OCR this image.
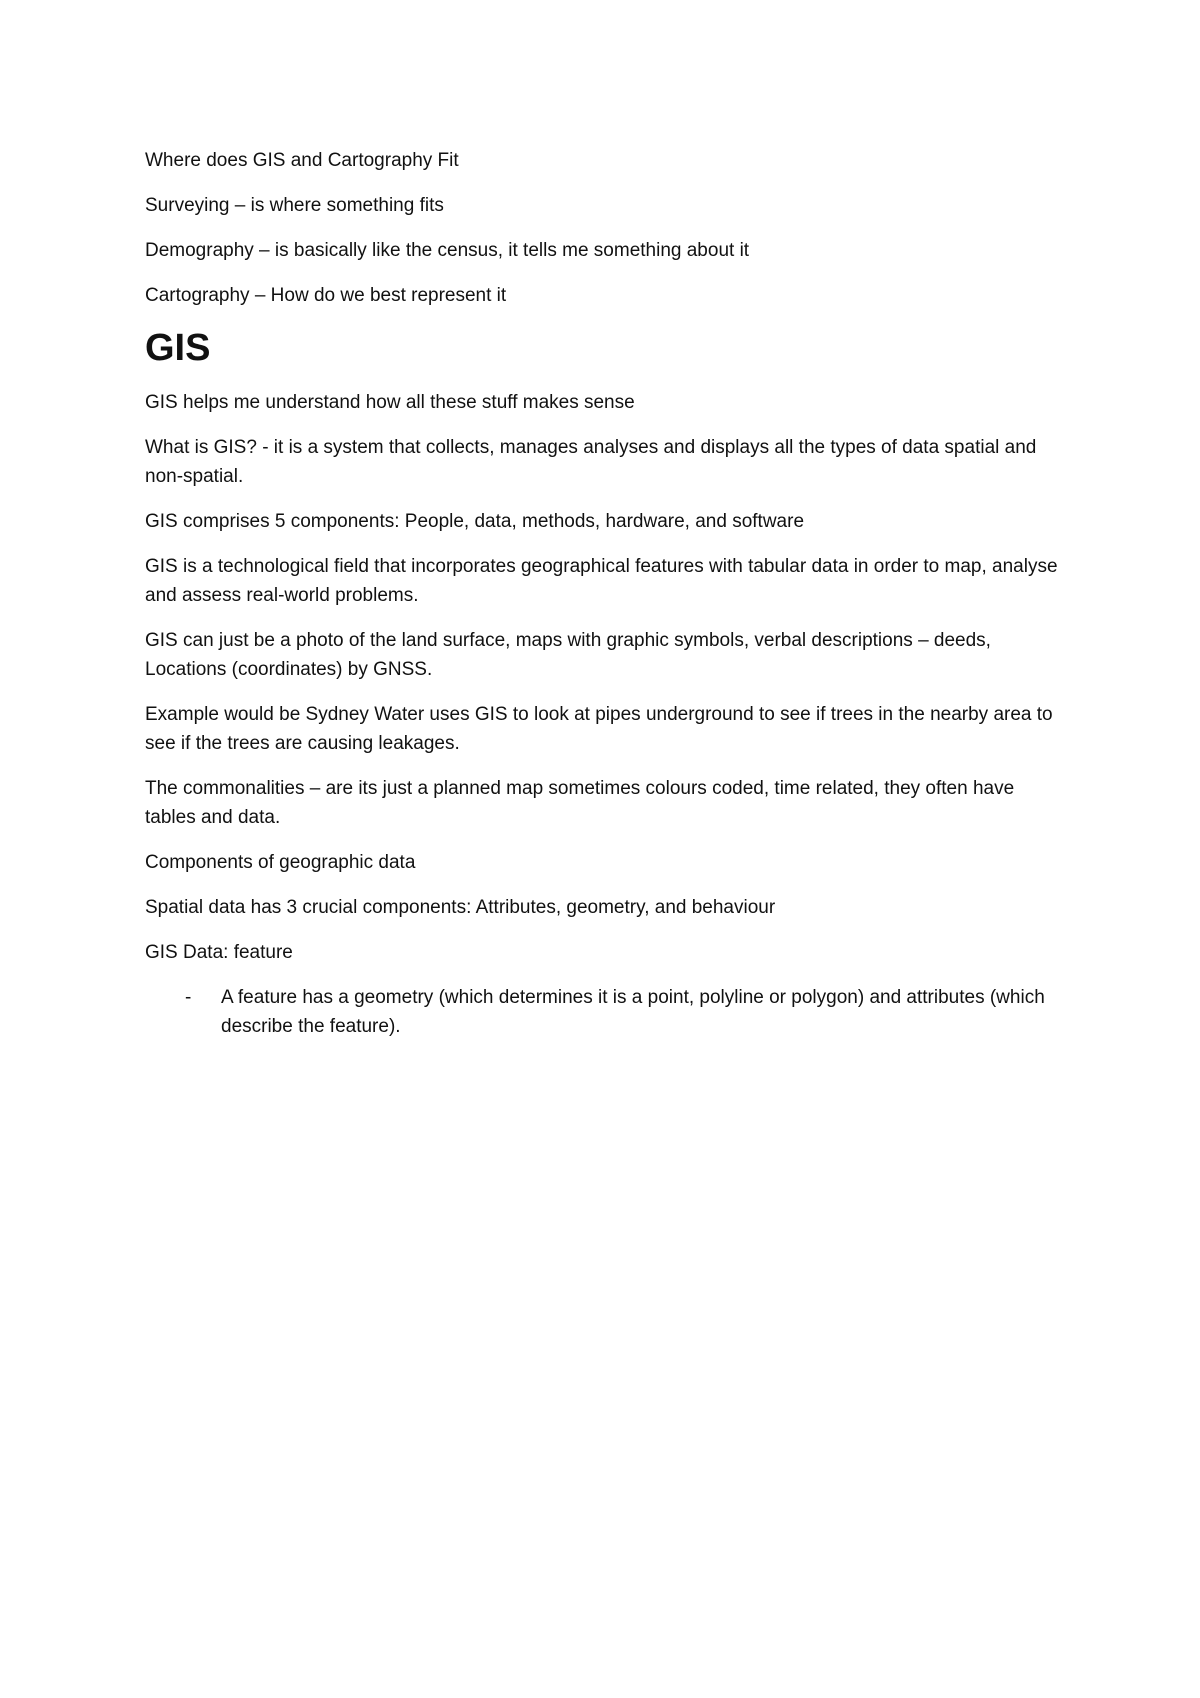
Where does GIS and Cartography Fit

Surveying – is where something fits

Demography – is basically like the census, it tells me something about it

Cartography – How do we best represent it

GIS

GIS helps me understand how all these stuff makes sense

What is GIS? - it is a system that collects, manages analyses and displays all the types of data spatial and non-spatial.

GIS comprises 5 components: People, data, methods, hardware, and software

GIS is a technological field that incorporates geographical features with tabular data in order to map, analyse and assess real-world problems.

GIS can just be a photo of the land surface, maps with graphic symbols, verbal descriptions – deeds, Locations (coordinates) by GNSS.

Example would be Sydney Water uses GIS to look at pipes underground to see if trees in the nearby area to see if the trees are causing leakages.

The commonalities – are its just a planned map sometimes colours coded, time related, they often have tables and data.

Components of geographic data

Spatial data has 3 crucial components: Attributes, geometry, and behaviour

GIS Data: feature

-	A feature has a geometry (which determines it is a point, polyline or polygon) and attributes (which describe the feature).
